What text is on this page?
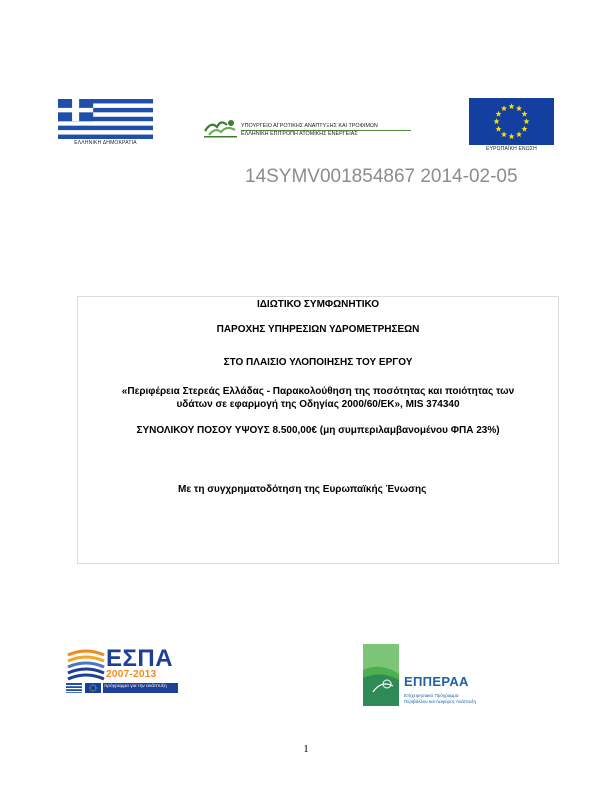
ΕΛΛΗΝΙΚΗ ΔΗΜΟΚΡΑΤΙΑ
ΥΠΟΥΡΓΕΙΟ ΑΓΡΟΤΙΚΗΣ ΑΝΑΠΤΥΞΗΣ ΚΑΙ ΤΡΟΦΙΜΩΝ
ΕΛΛΗΝΙΚΗ ΕΠΙΤΡΟΠΗ ΑΤΟΜΙΚΗΣ ΕΝΕΡΓΕΙΑΣ
ΕΥΡΩΠΑΪΚΗ ΕΝΩΣΗ
14SYMV001854867 2014-02-05
ΙΔΙΩΤΙΚΟ ΣΥΜΦΩΝΗΤΙΚΟ
ΠΑΡΟΧΗΣ ΥΠΗΡΕΣΙΩΝ ΥΔΡΟΜΕΤΡΗΣΕΩΝ
ΣΤΟ ΠΛΑΙΣΙΟ ΥΛΟΠΟΙΗΣΗΣ ΤΟΥ ΕΡΓΟΥ
«Περιφέρεια Στερεάς Ελλάδας - Παρακολούθηση της ποσότητας και ποιότητας των
υδάτων σε εφαρμογή της Οδηγίας 2000/60/ΕΚ», MIS 374340
ΣΥΝΟΛΙΚΟΥ ΠΟΣΟΥ ΥΨΟΥΣ 8.500,00€ (μη συμπεριλαμβανομένου ΦΠΑ 23%)
Με τη συγχρηματοδότηση της Ευρωπαϊκής Ένωσης
ΕΣΠΑ
2007-2013
πρόγραμμα για την ανάπτυξη	ΕΠΠΕΡΑΑ
Επιχειρησιακό Πρόγραμμα
Περιβάλλον και Αειφόρος Ανάπτυξη
1
